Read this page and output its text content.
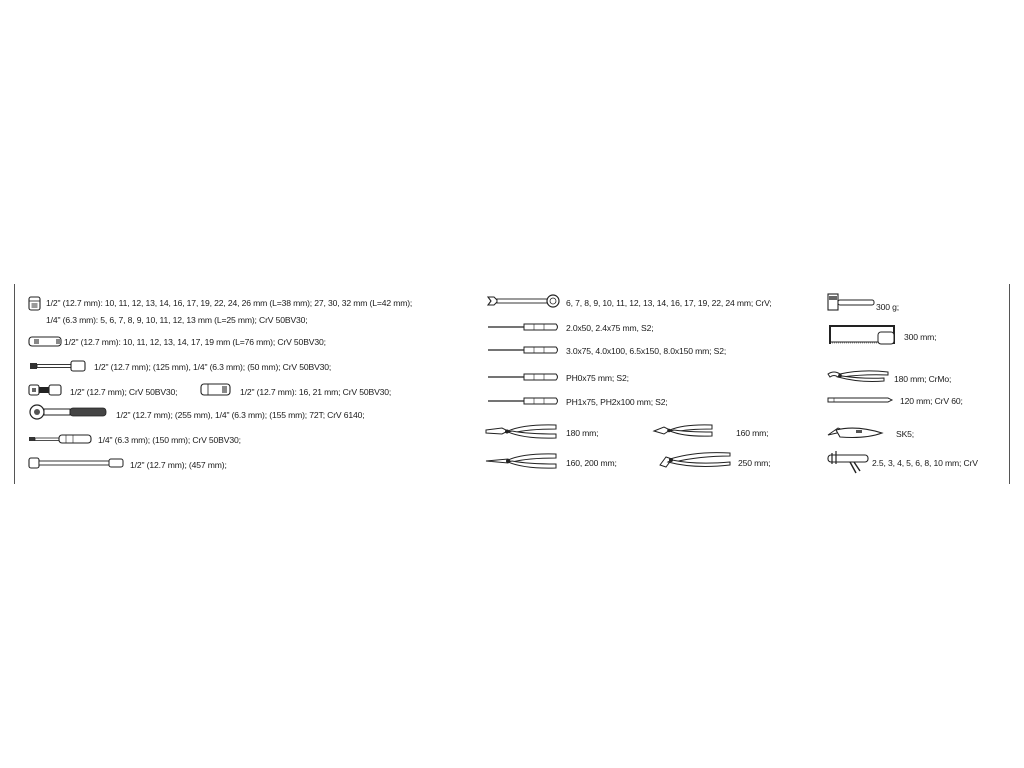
1/2" (12.7 mm): 10, 11, 12, 13, 14, 16, 17, 19, 22, 24, 26 mm (L=38 mm); 27, 30, 32 mm (L=42 mm);
1/4" (6.3 mm): 5, 6, 7, 8, 9, 10, 11, 12, 13 mm (L=25 mm); CrV 50BV30;
1/2" (12.7 mm): 10, 11, 12, 13, 14, 17, 19 mm (L=76 mm); CrV 50BV30;
1/2" (12.7 mm); (125 mm), 1/4" (6.3 mm); (50 mm); CrV 50BV30;
1/2" (12.7 mm); CrV 50BV30;	1/2" (12.7 mm): 16, 21 mm; CrV 50BV30;
1/2" (12.7 mm); (255 mm), 1/4" (6.3 mm); (155 mm); 72T; CrV 6140;
1/4" (6.3 mm); (150 mm); CrV 50BV30;
1/2" (12.7 mm); (457 mm);
6, 7, 8, 9, 10, 11, 12, 13, 14, 16, 17, 19, 22, 24 mm; CrV;
2.0x50, 2.4x75 mm, S2;
3.0x75, 4.0x100, 6.5x150, 8.0x150 mm; S2;
PH0x75 mm; S2;
PH1x75, PH2x100 mm; S2;
180 mm;	160 mm;
160, 200 mm;	250 mm;
300 g;
300 mm;
180 mm; CrMo;
120 mm; CrV 60;
SK5;
2.5, 3, 4, 5, 6, 8, 10 mm; CrV
